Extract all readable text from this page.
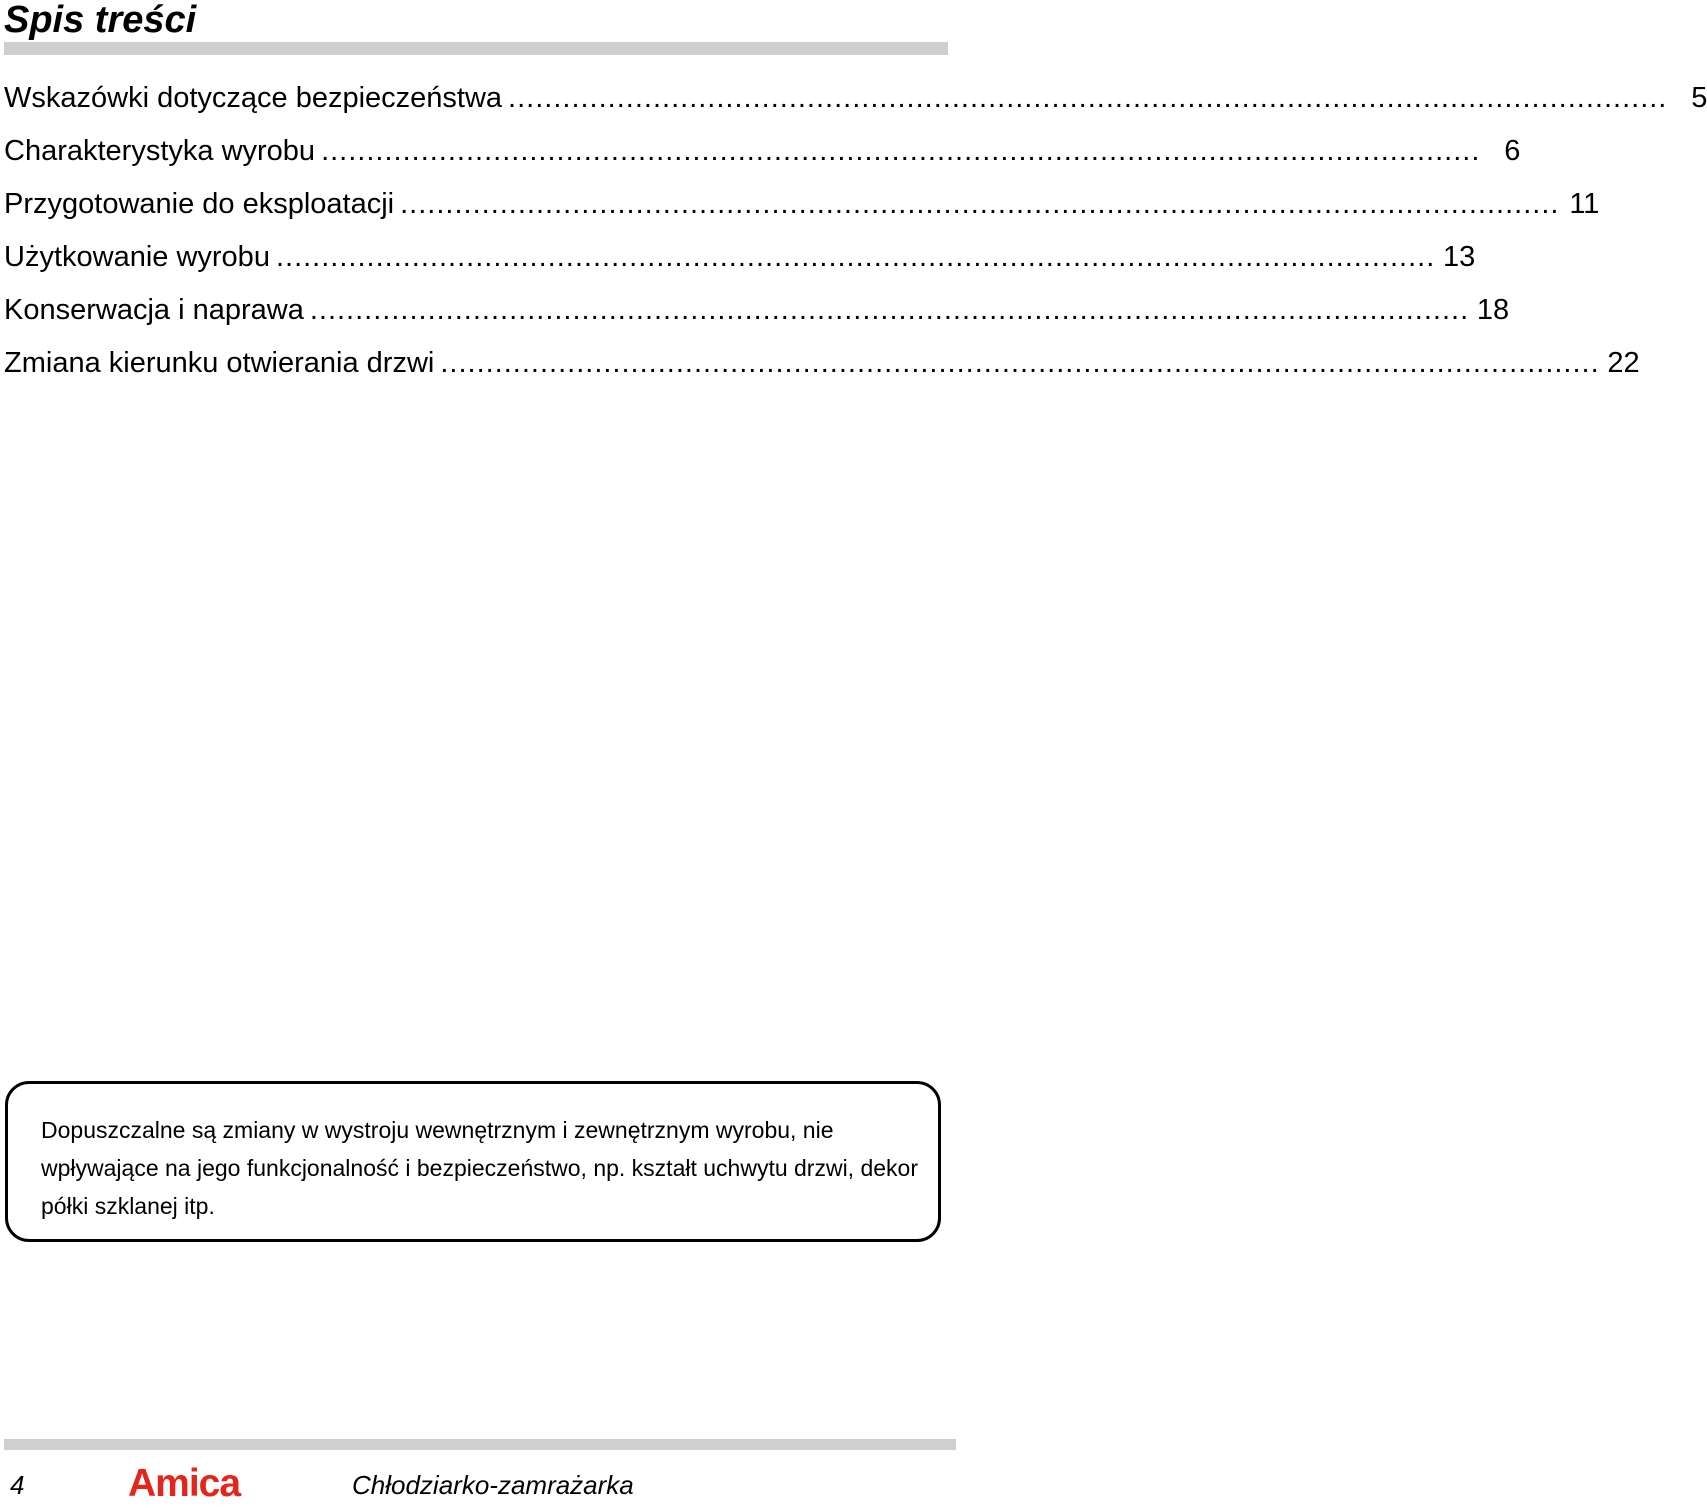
Spis treści
Wskazówki dotyczące bezpieczeństwa ................................................................................................................................ 5
Charakterystyka wyrobu ................................................................................................................................ 6
Przygotowanie do eksploatacji ................................................................................................................................ 11
Użytkowanie wyrobu ................................................................................................................................ 13
Konserwacja i naprawa ................................................................................................................................ 18
Zmiana kierunku otwierania drzwi ................................................................................................................................ 22

Dopuszczalne są zmiany w wystroju wewnętrznym i zewnętrznym wyrobu, nie wpływające na jego funkcjonalność i bezpieczeństwo, np. kształt uchwytu drzwi, dekor półki szklanej itp.

4	Amica	Chłodziarko-zamrażarka
